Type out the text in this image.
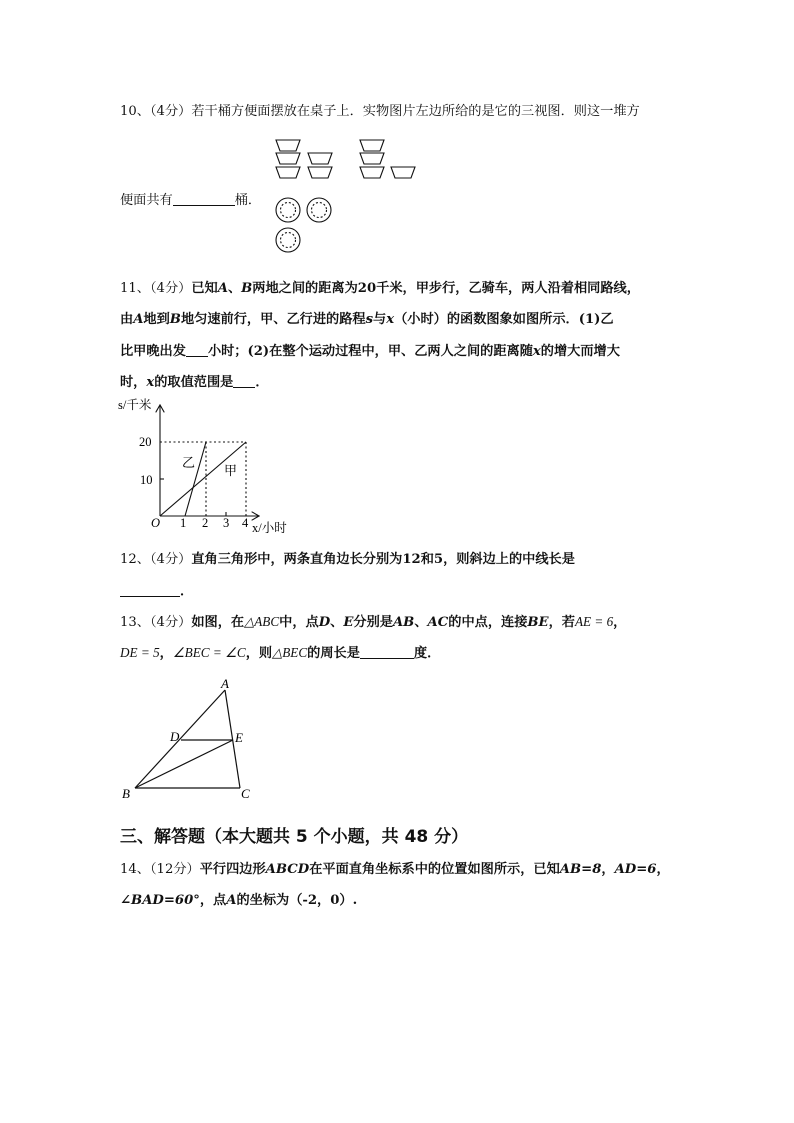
10、（4分）若干桶方便面摆放在桌子上．实物图片左边所给的是它的三视图．则这一堆方
便面共有	桶．
11、（4分）已知A、B两地之间的距离为20千米，甲步行，乙骑车，两人沿着相同路线，
由A地到B地匀速前行，甲、乙行进的路程s与x（小时）的函数图象如图所示．(1)乙
比甲晚出发 小时；(2)在整个运动过程中，甲、乙两人之间的距离随x的增大而增大
时，x的取值范围是 ．
s/千米
20
10
O 1 2 3 4 x/小时
乙
甲
12、（4分）直角三角形中，两条直角边长分别为12和5，则斜边上的中线长是
．
13、（4分）如图，在△ABC中，点D、E分别是AB、AC的中点，连接BE，若AE = 6，
DE = 5，∠BEC = ∠C，则△BEC的周长是	度．
A
D	E
B	C
三、解答题（本大题共 5 个小题，共 48 分）
14、（12分）平行四边形ABCD在平面直角坐标系中的位置如图所示，已知AB=8，AD=6，
∠BAD=60°，点A的坐标为（-2，0）.
